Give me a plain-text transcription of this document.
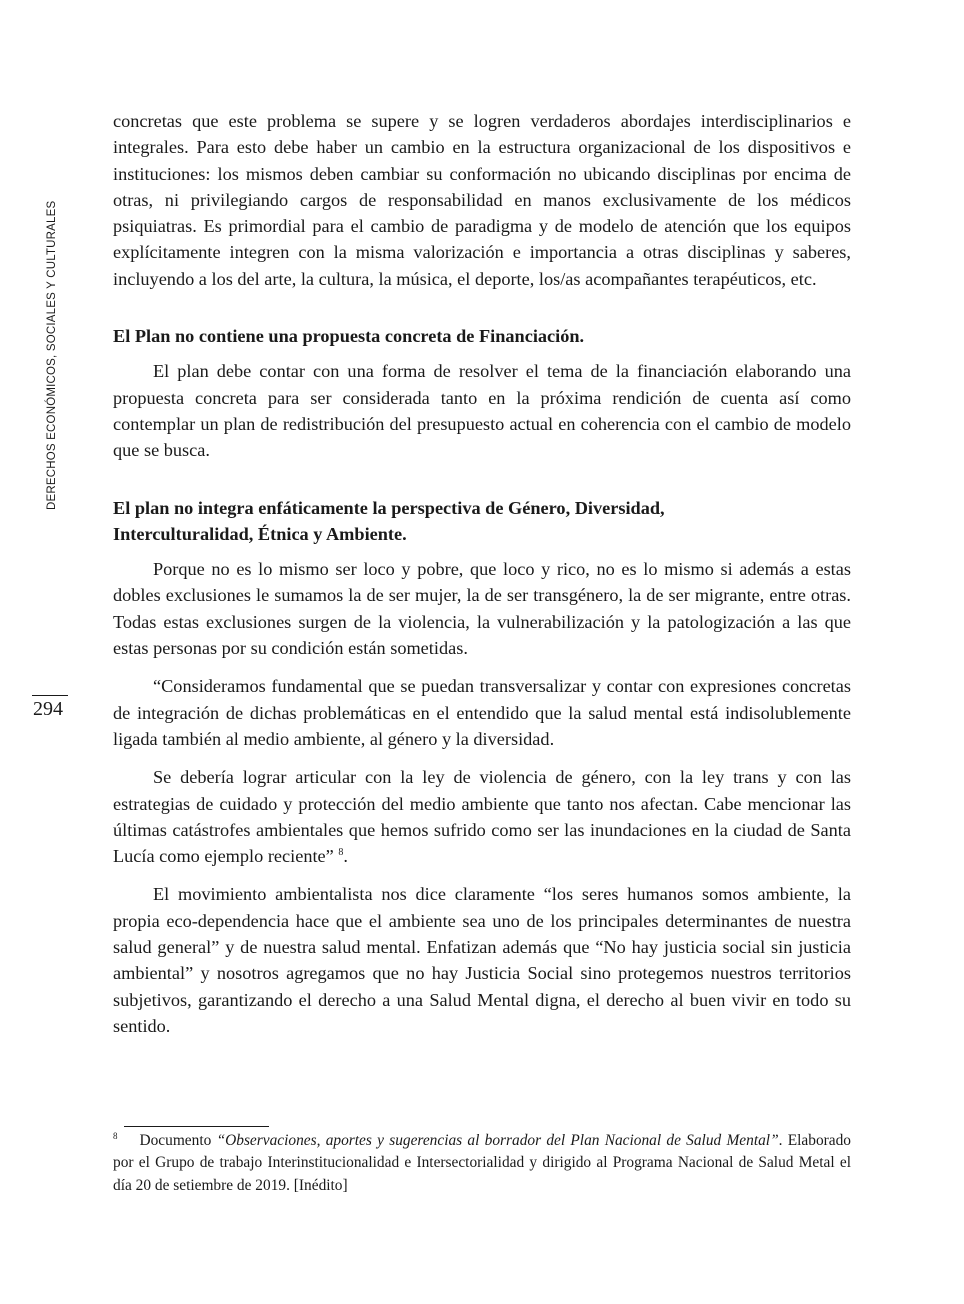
DERECHOS ECONÓMICOS, SOCIALES Y CULTURALES
294

concretas que este problema se supere y se logren verdaderos abordajes interdisciplinarios e integrales. Para esto debe haber un cambio en la estructura organizacional de los dispositivos e instituciones: los mismos deben cambiar su conformación no ubicando disciplinas por encima de otras, ni privilegiando cargos de responsabilidad en manos exclusivamente de los médicos psiquiatras. Es primordial para el cambio de paradigma y de modelo de atención que los equipos explícitamente integren con la misma valorización e importancia a otras disciplinas y saberes, incluyendo a los del arte, la cultura, la música, el deporte, los/as acompañantes terapéuticos, etc.

El Plan no contiene una propuesta concreta de Financiación.

El plan debe contar con una forma de resolver el tema de la financiación elaborando una propuesta concreta para ser considerada tanto en la próxima rendición de cuenta así como contemplar un plan de redistribución del presupuesto actual en coherencia con el cambio de modelo que se busca.

El plan no integra enfáticamente la perspectiva de Género, Diversidad,
Interculturalidad, Étnica y Ambiente.

Porque no es lo mismo ser loco y pobre, que loco y rico, no es lo mismo si además a estas dobles exclusiones le sumamos la de ser mujer, la de ser transgénero, la de ser migrante, entre otras. Todas estas exclusiones surgen de la violencia, la vulnerabilización y la patologización a las que estas personas por su condición están sometidas.

“Consideramos fundamental que se puedan transversalizar y contar con expresiones concretas de integración de dichas problemáticas en el entendido que la salud mental está indisolublemente ligada también al medio ambiente, al género y la diversidad.

Se debería lograr articular con la ley de violencia de género, con la ley trans y con las estrategias de cuidado y protección del medio ambiente que tanto nos afectan. Cabe mencionar las últimas catástrofes ambientales que hemos sufrido como ser las inundaciones en la ciudad de Santa Lucía como ejemplo reciente” $^8$.

El movimiento ambientalista nos dice claramente “los seres humanos somos ambiente, la propia eco-dependencia hace que el ambiente sea uno de los principales determinantes de nuestra salud general” y de nuestra salud mental. Enfatizan además que “No hay justicia social sin justicia ambiental” y nosotros agregamos que no hay Justicia Social sino protegemos nuestros territorios subjetivos, garantizando el derecho a una Salud Mental digna, el derecho al buen vivir en todo su sentido.

$^8$ Documento “Observaciones, aportes y sugerencias al borrador del Plan Nacional de Salud Mental”. Elaborado por el Grupo de trabajo Interinstitucionalidad e Intersectorialidad y dirigido al Programa Nacional de Salud Metal el día 20 de setiembre de 2019. [Inédito]
